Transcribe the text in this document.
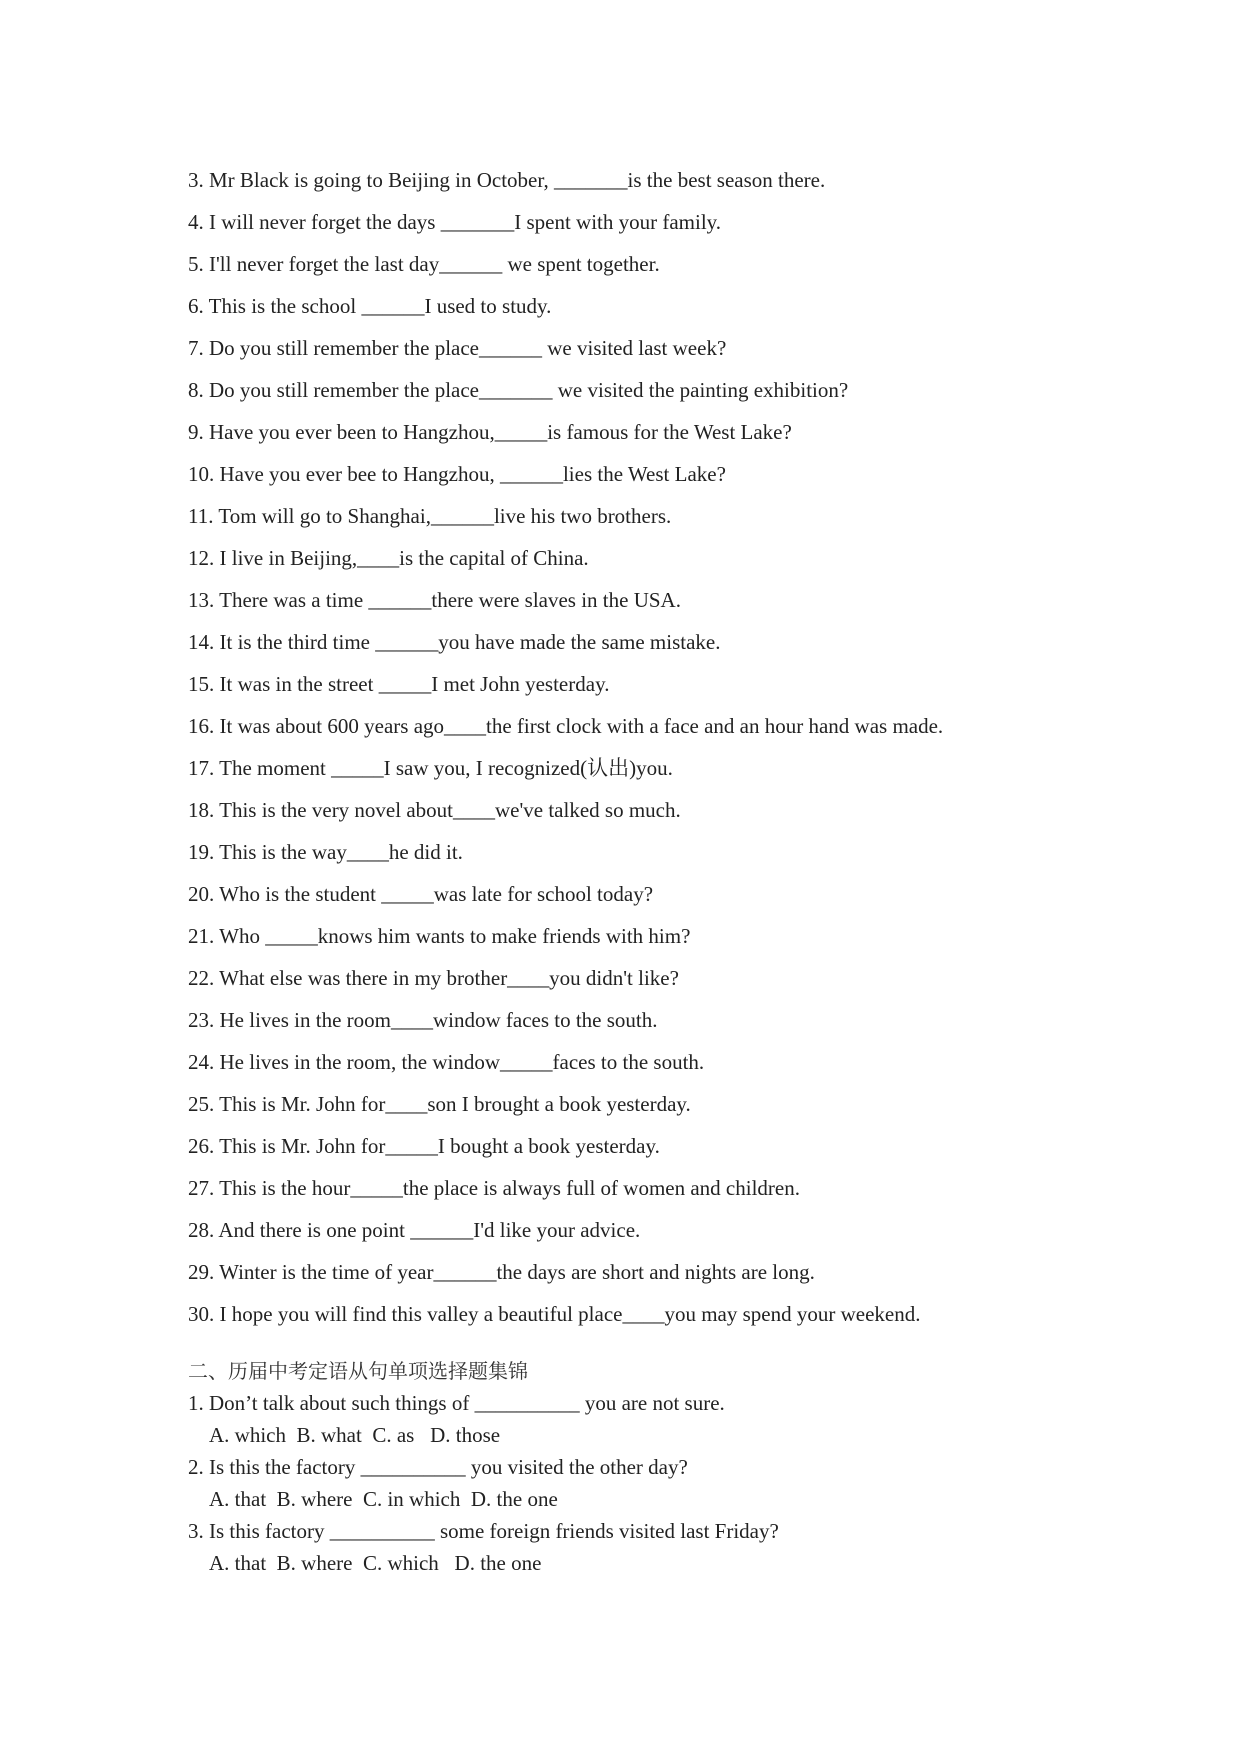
3. Mr Black is going to Beijing in October, _______is the best season there.
4. I will never forget the days _______I spent with your family.
5. I'll never forget the last day______ we spent together.
6. This is the school ______I used to study.
7. Do you still remember the place______ we visited last week?
8. Do you still remember the place_______ we visited the painting exhibition?
9. Have you ever been to Hangzhou,_____is famous for the West Lake?
10. Have you ever bee to Hangzhou, ______lies the West Lake?
11. Tom will go to Shanghai,______live his two brothers.
12. I live in Beijing,____is the capital of China.
13. There was a time ______there were slaves in the USA.
14. It is the third time ______you have made the same mistake.
15. It was in the street _____I met John yesterday.
16. It was about 600 years ago____the first clock with a face and an hour hand was made.
17. The moment _____I saw you, I recognized(认出)you.
18. This is the very novel about____we've talked so much.
19. This is the way____he did it.
20. Who is the student _____was late for school today?
21. Who _____knows him wants to make friends with him?
22. What else was there in my brother____you didn't like?
23. He lives in the room____window faces to the south.
24. He lives in the room, the window_____faces to the south.
25. This is Mr. John for____son I brought a book yesterday.
26. This is Mr. John for_____I bought a book yesterday.
27. This is the hour_____the place is always full of women and children.
28. And there is one point ______I'd like your advice.
29. Winter is the time of year______the days are short and nights are long.
30. I hope you will find this valley a beautiful place____you may spend your weekend.
二、历届中考定语从句单项选择题集锦
1. Don’t talk about such things of __________ you are not sure.
A. which  B. what  C. as   D. those
2. Is this the factory __________ you visited the other day?
A. that  B. where  C. in which  D. the one
3. Is this factory __________ some foreign friends visited last Friday?
A. that  B. where  C. which   D. the one
